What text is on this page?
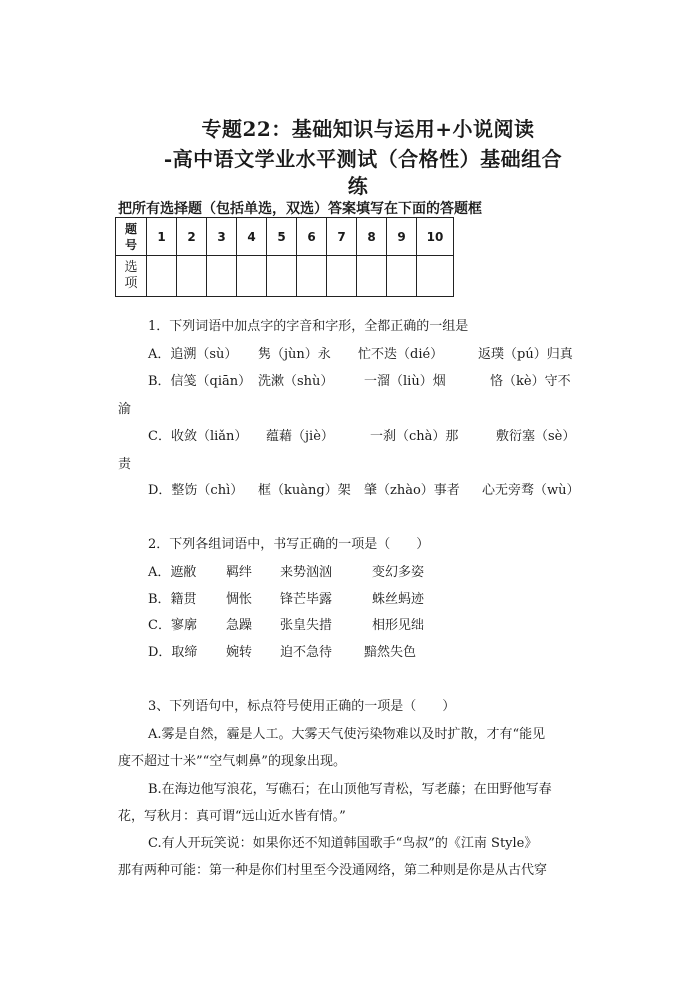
专题22：基础知识与运用+小说阅读
-高中语文学业水平测试（合格性）基础组合
练
把所有选择题（包括单选，双选）答案填写在下面的答题框
题
号	1	2	3	4	5	6	7	8	9	10
选
项										
1．下列词语中加点字的字音和字形，全都正确的一组是
A．追溯（sù） 隽（jùn）永 忙不迭（dié）	返璞（pú）归真
B．信笺（qiān） 洗漱（shù） 一溜（liù）烟	恪（kè）守不
渝
C．收敛（liǎn） 蕴藉（jiè）	一刹（chà）那	敷衍塞（sè）
责
D．整饬（chì） 框（kuàng）架 肇（zhào）事者 心无旁骛（wù）
2．下列各组词语中，书写正确的一项是（　　）
A．遮敝 羁绊 来势汹汹	变幻多姿
B．籍贯 惆怅 锋芒毕露	蛛丝蚂迹
C．寥廓 急躁 张皇失措	相形见绌
D．取缔 婉转 迫不急待 黯然失色
3、下列语句中，标点符号使用正确的一项是（　　）
A.雾是自然，霾是人工。大雾天气使污染物难以及时扩散，才有“能见
度不超过十米”“空气刺鼻”的现象出现。
B.在海边他写浪花，写礁石；在山顶他写青松，写老藤；在田野他写春
花，写秋月：真可谓“远山近水皆有情。”
C.有人开玩笑说：如果你还不知道韩国歌手“鸟叔”的《江南 Style》
那有两种可能：第一种是你们村里至今没通网络，第二种则是你是从古代穿
